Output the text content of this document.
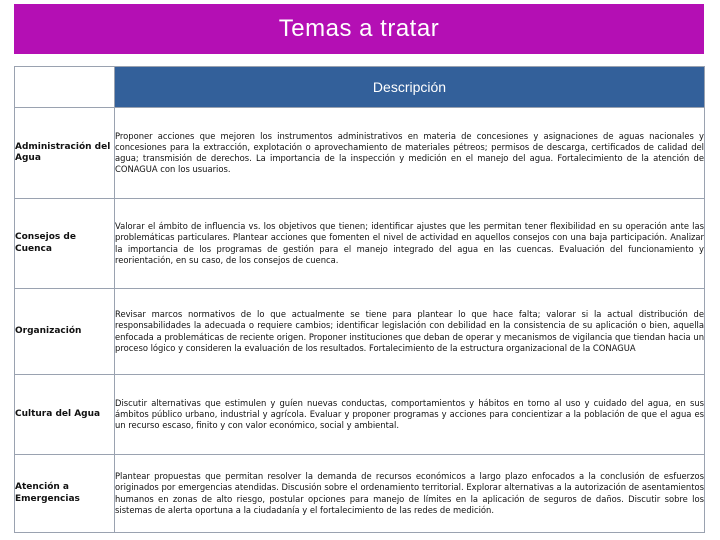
Temas a tratar
	Descripción
Administración del Agua	Proponer acciones que mejoren los instrumentos administrativos en materia de concesiones y asignaciones de aguas nacionales y concesiones para la extracción, explotación o aprovechamiento de materiales pétreos; permisos de descarga, certificados de calidad del agua; transmisión de derechos. La importancia de la inspección y medición en el manejo del agua. Fortalecimiento de la atención de CONAGUA con los usuarios.
Consejos de Cuenca	Valorar el ámbito de influencia vs. los objetivos que tienen; identificar ajustes que les permitan tener flexibilidad en su operación ante las problemáticas particulares. Plantear acciones que fomenten el nivel de actividad en aquellos consejos con una baja participación. Analizar la importancia de los programas de gestión para el manejo integrado del agua en las cuencas. Evaluación del funcionamiento y reorientación, en su caso, de los consejos de cuenca.
Organización	Revisar marcos normativos de lo que actualmente se tiene para plantear lo que hace falta; valorar si la actual distribución de responsabilidades la adecuada o requiere cambios; identificar legislación con debilidad en la consistencia de su aplicación o bien, aquella enfocada a problemáticas de reciente origen. Proponer instituciones que deban de operar y mecanismos de vigilancia que tiendan hacia un proceso lógico y consideren la evaluación de los resultados. Fortalecimiento de la estructura organizacional de la CONAGUA
Cultura del Agua	Discutir alternativas que estimulen y guíen nuevas conductas, comportamientos y hábitos en torno al uso y cuidado del agua, en sus ámbitos público urbano, industrial y agrícola. Evaluar y proponer programas y acciones para concientizar a la población de que el agua es un recurso escaso, finito y con valor económico, social y ambiental.
Atención a Emergencias	Plantear propuestas que permitan resolver la demanda de recursos económicos a largo plazo enfocados a la conclusión de esfuerzos originados por emergencias atendidas. Discusión sobre el ordenamiento territorial. Explorar alternativas a la autorización de asentamientos humanos en zonas de alto riesgo, postular opciones para manejo de límites en la aplicación de seguros de daños. Discutir sobre los sistemas de alerta oportuna a la ciudadanía y el fortalecimiento de las redes de medición.
